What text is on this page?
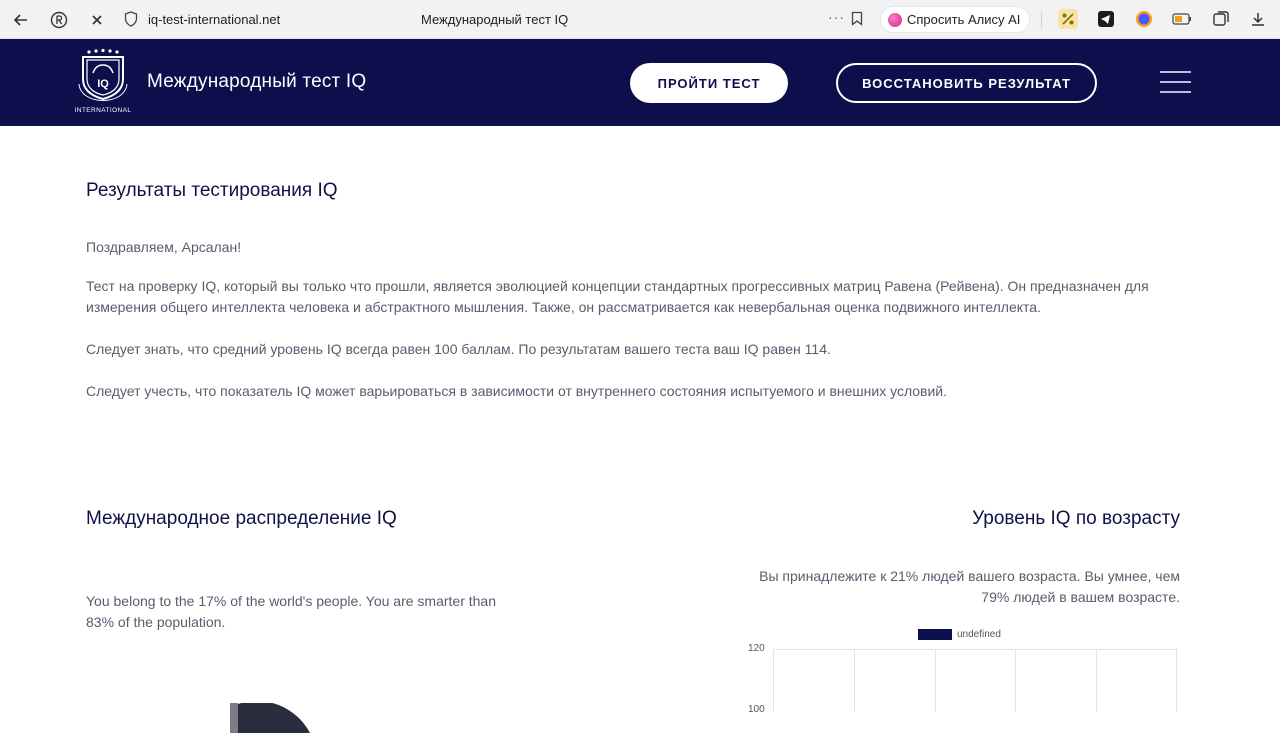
iq-test-international.net	Международный тест IQ	···	Спросить Алису AI
IQ
INTERNATIONAL
Международный тест IQ	ПРОЙТИ ТЕСТ	ВОССТАНОВИТЬ РЕЗУЛЬТАТ
Результаты тестирования IQ
Поздравляем, Арсалан!
Тест на проверку IQ, который вы только что прошли, является эволюцией концепции стандартных прогрессивных матриц Равена (Рейвена). Он предназначен для
измерения общего интеллекта человека и абстрактного мышления. Также, он рассматривается как невербальная оценка подвижного интеллекта.
Следует знать, что средний уровень IQ всегда равен 100 баллам. По результатам вашего теста ваш IQ равен 114.
Следует учесть, что показатель IQ может варьироваться в зависимости от внутреннего состояния испытуемого и внешних условий.
Международное распределение IQ
You belong to the 17% of the world's people. You are smarter than
83% of the population.
Уровень IQ по возрасту
Вы принадлежите к 21% людей вашего возраста. Вы умнее, чем
79% людей в вашем возрасте.
undefined
120
100
